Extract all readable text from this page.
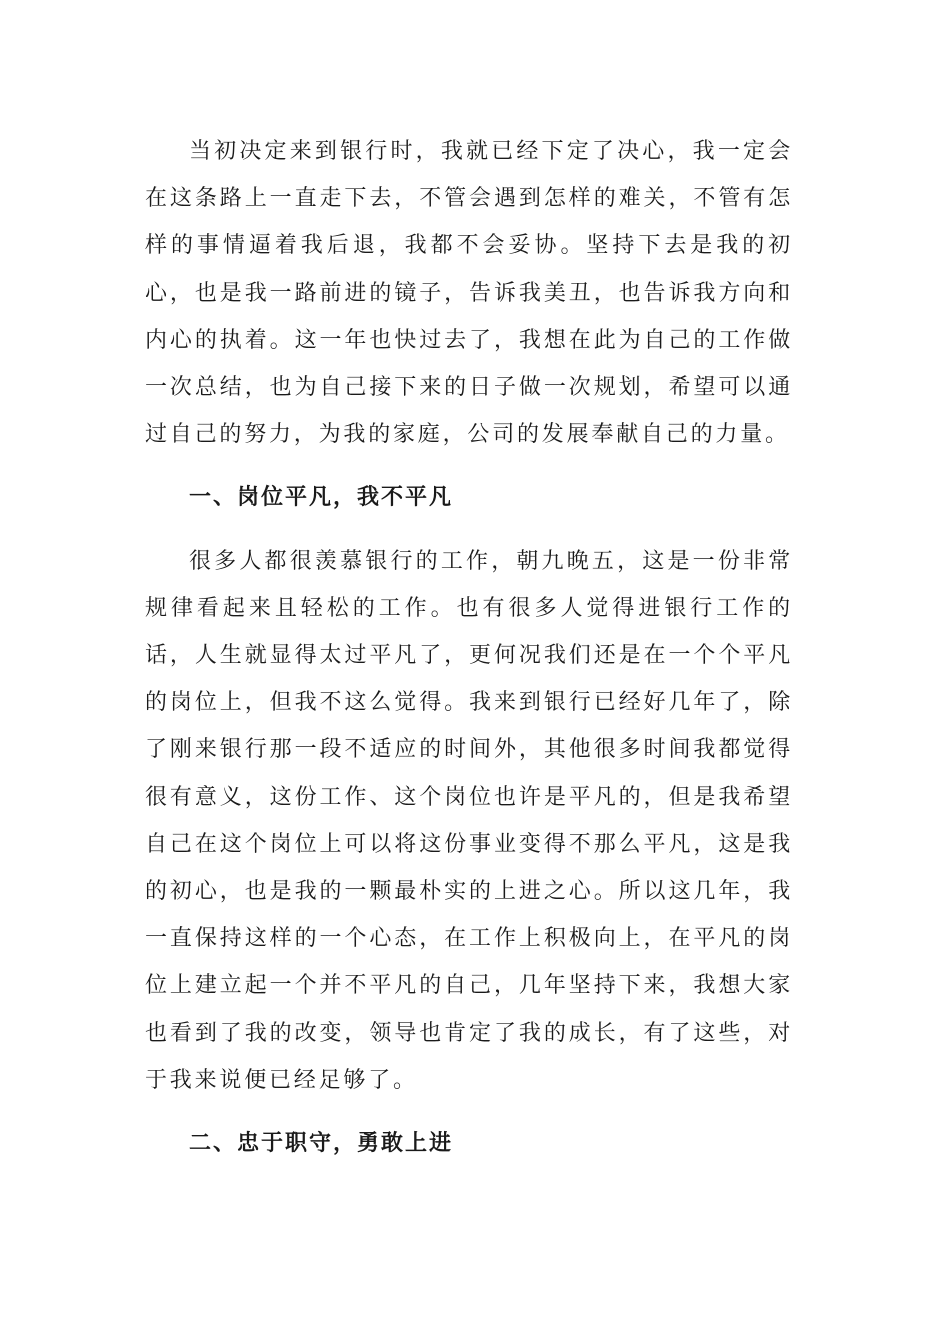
当初决定来到银行时，我就已经下定了决心，我一定会在这条路上一直走下去，不管会遇到怎样的难关，不管有怎样的事情逼着我后退，我都不会妥协。坚持下去是我的初心，也是我一路前进的镜子，告诉我美丑，也告诉我方向和内心的执着。这一年也快过去了，我想在此为自己的工作做一次总结，也为自己接下来的日子做一次规划，希望可以通过自己的努力，为我的家庭，公司的发展奉献自己的力量。

一、岗位平凡，我不平凡

很多人都很羡慕银行的工作，朝九晚五，这是一份非常规律看起来且轻松的工作。也有很多人觉得进银行工作的话，人生就显得太过平凡了，更何况我们还是在一个个平凡的岗位上，但我不这么觉得。我来到银行已经好几年了，除了刚来银行那一段不适应的时间外，其他很多时间我都觉得很有意义，这份工作、这个岗位也许是平凡的，但是我希望自己在这个岗位上可以将这份事业变得不那么平凡，这是我的初心，也是我的一颗最朴实的上进之心。所以这几年，我一直保持这样的一个心态，在工作上积极向上，在平凡的岗位上建立起一个并不平凡的自己，几年坚持下来，我想大家也看到了我的改变，领导也肯定了我的成长，有了这些，对于我来说便已经足够了。

二、忠于职守，勇敢上进
